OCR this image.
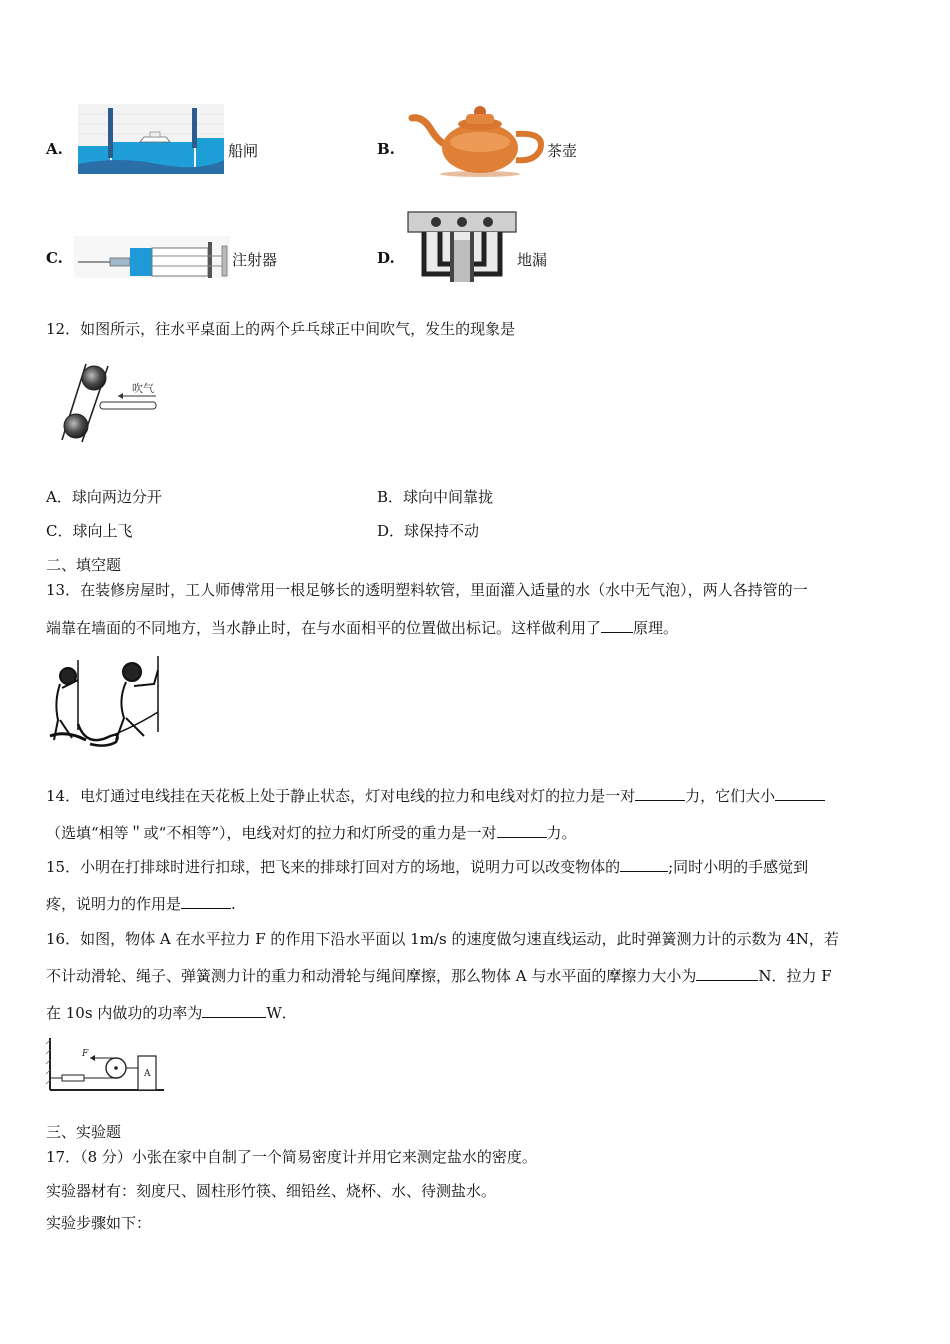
A.	船闸	B.	茶壶
C.	注射器	D.	地漏
12．如图所示，往水平桌面上的两个乒乓球正中间吹气，发生的现象是
吹气
A．球向两边分开	B．球向中间靠拢
C．球向上飞	D．球保持不动
二、填空题
13．在装修房屋时，工人师傅常用一根足够长的透明塑料软管，里面灌入适量的水（水中无气泡），两人各持管的一
端靠在墙面的不同地方，当水静止时，在与水面相平的位置做出标记。这样做利用了 原理。
14．电灯通过电线挂在天花板上处于静止状态，灯对电线的拉力和电线对灯的拉力是一对	力，它们大小
（选填“相等＂或“不相等”），电线对灯的拉力和灯所受的重力是一对	力。
15．小明在打排球时进行扣球，把飞来的排球打回对方的场地，说明力可以改变物体的	;同时小明的手感觉到
疼，说明力的作用是	.
16．如图，物体 A 在水平拉力 F 的作用下沿水平面以 1m/s 的速度做匀速直线运动，此时弹簧测力计的示数为 4N，若
不计动滑轮、绳子、弹簧测力计的重力和动滑轮与绳间摩擦，那么物体 A 与水平面的摩擦力大小为	N．拉力 F
在 10s 内做功的功率为	W．
F
A
三、实验题
17．（8 分）小张在家中自制了一个简易密度计并用它来测定盐水的密度。
实验器材有：刻度尺、圆柱形竹筷、细铅丝、烧杯、水、待测盐水。
实验步骤如下：
